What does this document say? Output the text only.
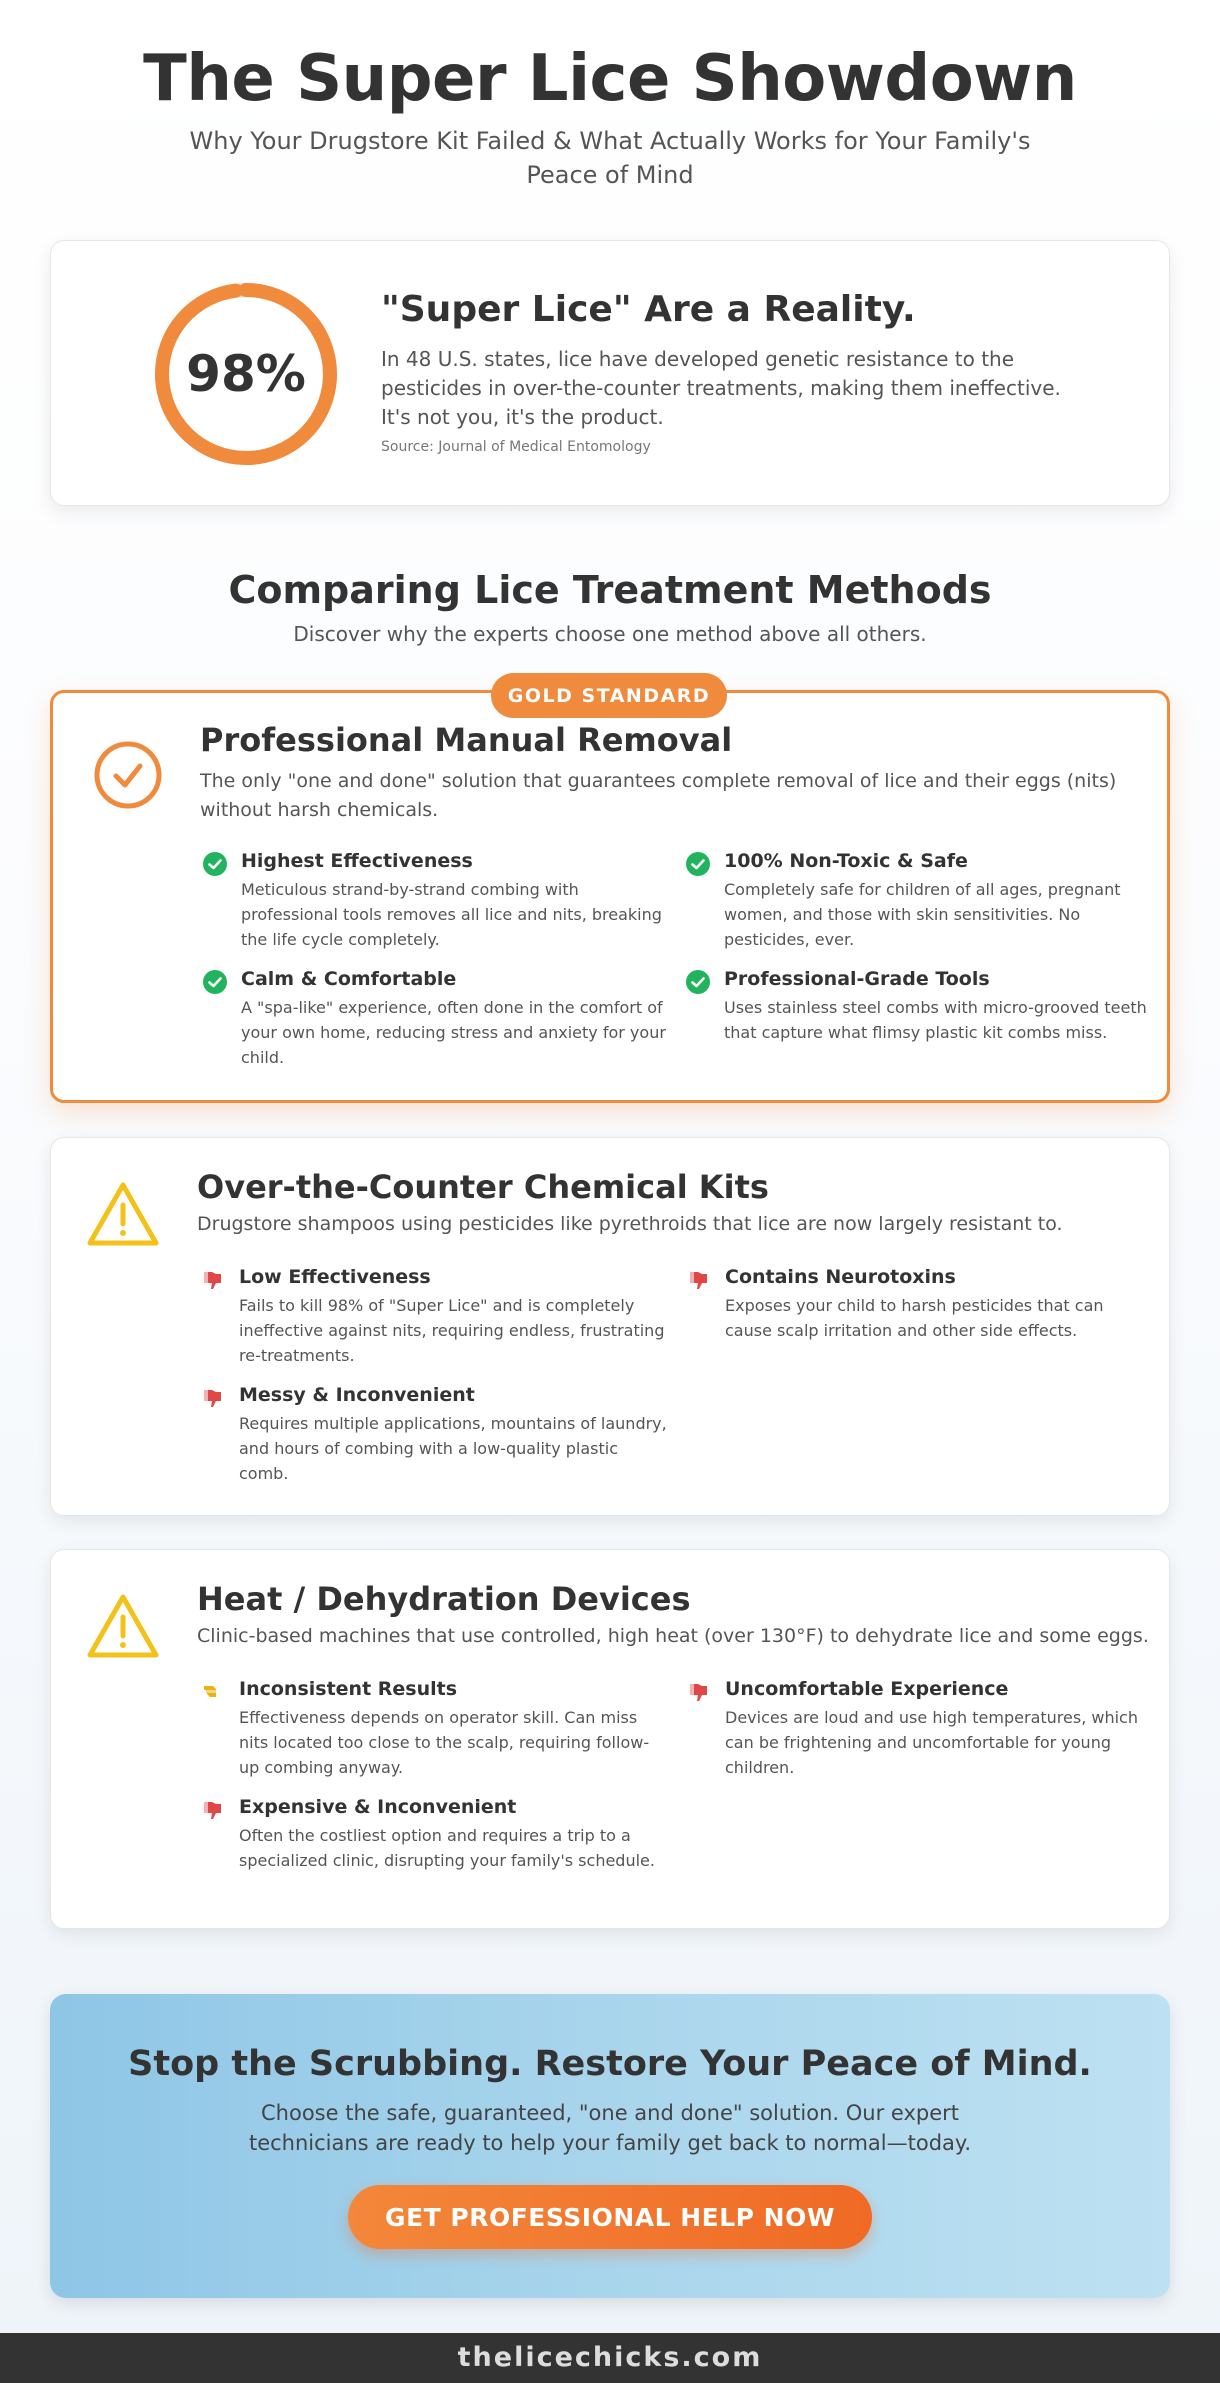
The Super Lice Showdown
Why Your Drugstore Kit Failed & What Actually Works for Your Family's Peace of Mind
98%
"Super Lice" Are a Reality.
In 48 U.S. states, lice have developed genetic resistance to the pesticides in over-the-counter treatments, making them ineffective. It's not you, it's the product.
Source: Journal of Medical Entomology
Comparing Lice Treatment Methods
Discover why the experts choose one method above all others.
Professional Manual Removal
The only "one and done" solution that guarantees complete removal of lice and their eggs (nits) without harsh chemicals.
Highest Effectiveness
Meticulous strand-by-strand combing with professional tools removes all lice and nits, breaking the life cycle completely.
100% Non-Toxic & Safe
Completely safe for children of all ages, pregnant women, and those with skin sensitivities. No pesticides, ever.
Calm & Comfortable
A "spa-like" experience, often done in the comfort of your own home, reducing stress and anxiety for your child.
Professional-Grade Tools
Uses stainless steel combs with micro-grooved teeth that capture what flimsy plastic kit combs miss.
GOLD STANDARD
Over-the-Counter Chemical Kits
Drugstore shampoos using pesticides like pyrethroids that lice are now largely resistant to.
Low Effectiveness
Fails to kill 98% of "Super Lice" and is completely ineffective against nits, requiring endless, frustrating re-treatments.
Contains Neurotoxins
Exposes your child to harsh pesticides that can cause scalp irritation and other side effects.
Messy & Inconvenient
Requires multiple applications, mountains of laundry, and hours of combing with a low-quality plastic comb.
Heat / Dehydration Devices
Clinic-based machines that use controlled, high heat (over 130°F) to dehydrate lice and some eggs.
Inconsistent Results
Effectiveness depends on operator skill. Can miss nits located too close to the scalp, requiring follow-up combing anyway.
Uncomfortable Experience
Devices are loud and use high temperatures, which can be frightening and uncomfortable for young children.
Expensive & Inconvenient
Often the costliest option and requires a trip to a specialized clinic, disrupting your family's schedule.
Stop the Scrubbing. Restore Your Peace of Mind.
Choose the safe, guaranteed, "one and done" solution. Our expert technicians are ready to help your family get back to normal—today.
GET PROFESSIONAL HELP NOW
thelicechicks.com
